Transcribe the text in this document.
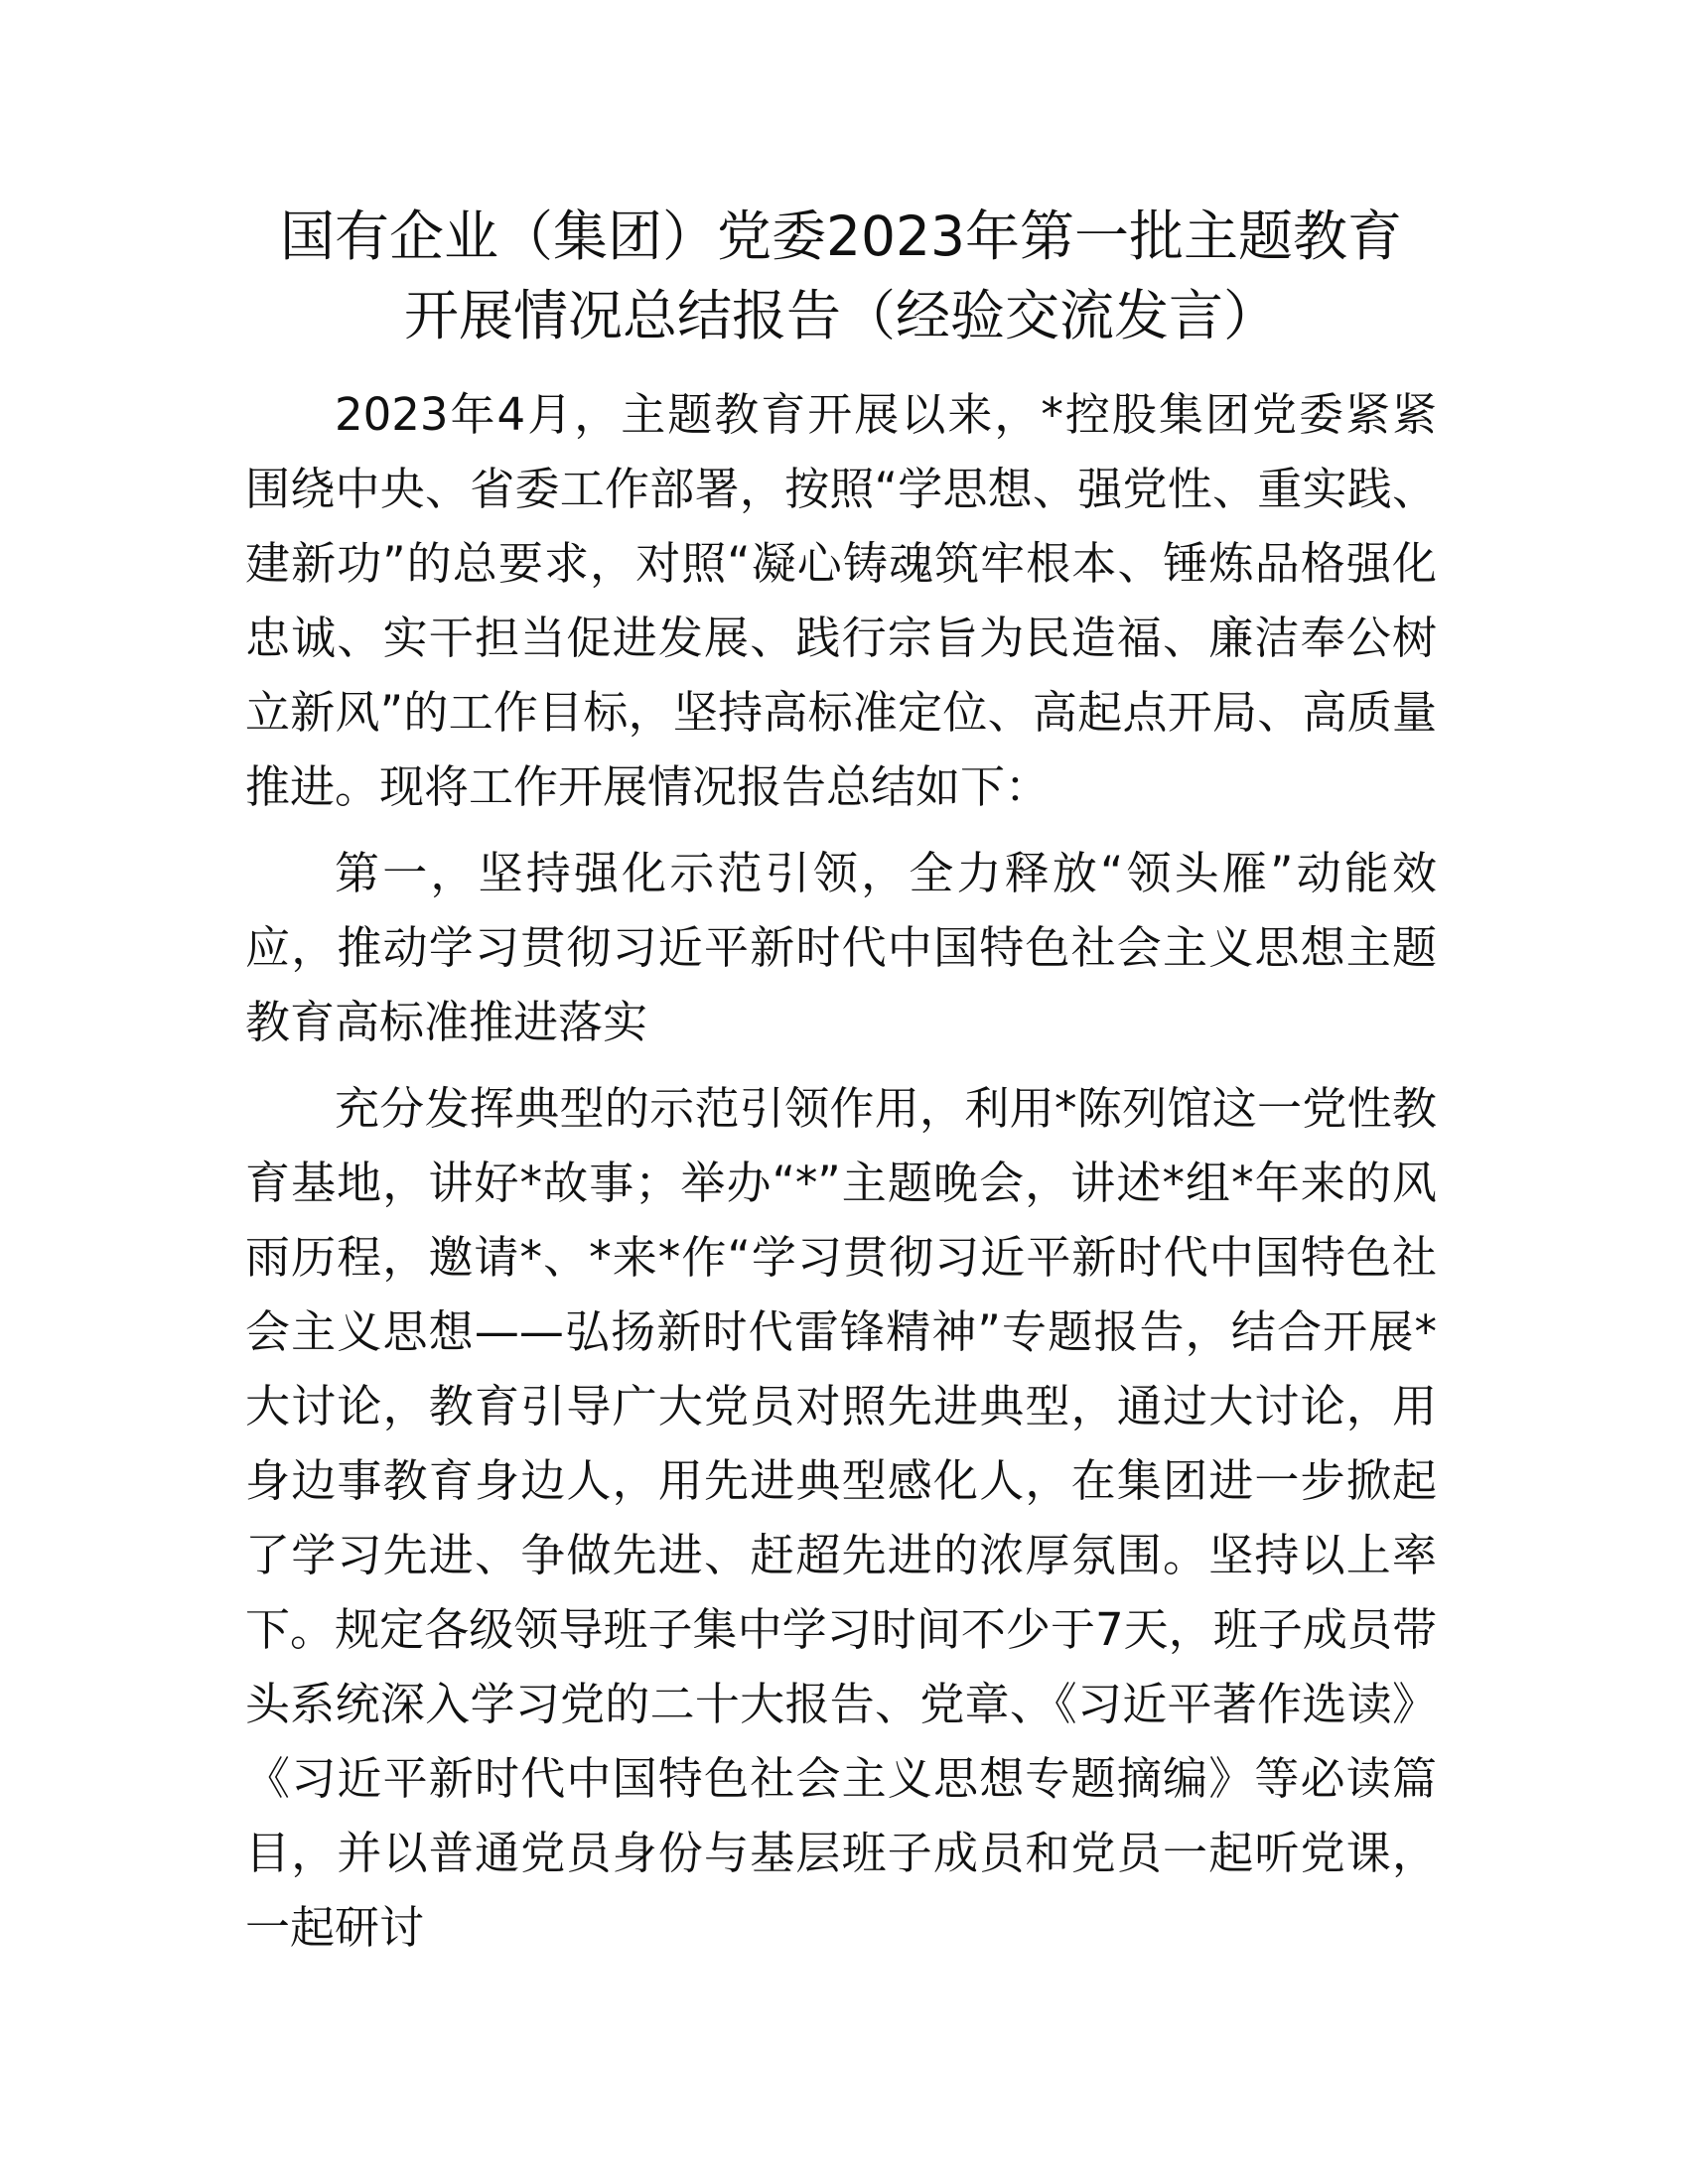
国有企业（集团）党委2023年第一批主题教育
开展情况总结报告（经验交流发言）

2023年4月，主题教育开展以来，*控股集团党委紧紧围绕中央、省委工作部署，按照“学思想、强党性、重实践、建新功”的总要求，对照“凝心铸魂筑牢根本、锤炼品格强化忠诚、实干担当促进发展、践行宗旨为民造福、廉洁奉公树立新风”的工作目标，坚持高标准定位、高起点开局、高质量推进。现将工作开展情况报告总结如下：

第一，坚持强化示范引领，全力释放“领头雁”动能效应，推动学习贯彻习近平新时代中国特色社会主义思想主题教育高标准推进落实

充分发挥典型的示范引领作用，利用*陈列馆这一党性教育基地，讲好*故事；举办“*”主题晚会，讲述*组*年来的风雨历程，邀请*、*来*作“学习贯彻习近平新时代中国特色社会主义思想——弘扬新时代雷锋精神”专题报告，结合开展*大讨论，教育引导广大党员对照先进典型，通过大讨论，用身边事教育身边人，用先进典型感化人，在集团进一步掀起了学习先进、争做先进、赶超先进的浓厚氛围。坚持以上率下。规定各级领导班子集中学习时间不少于7天，班子成员带头系统深入学习党的二十大报告、党章、《习近平著作选读》《习近平新时代中国特色社会主义思想专题摘编》等必读篇目，并以普通党员身份与基层班子成员和党员一起听党课，一起研讨
